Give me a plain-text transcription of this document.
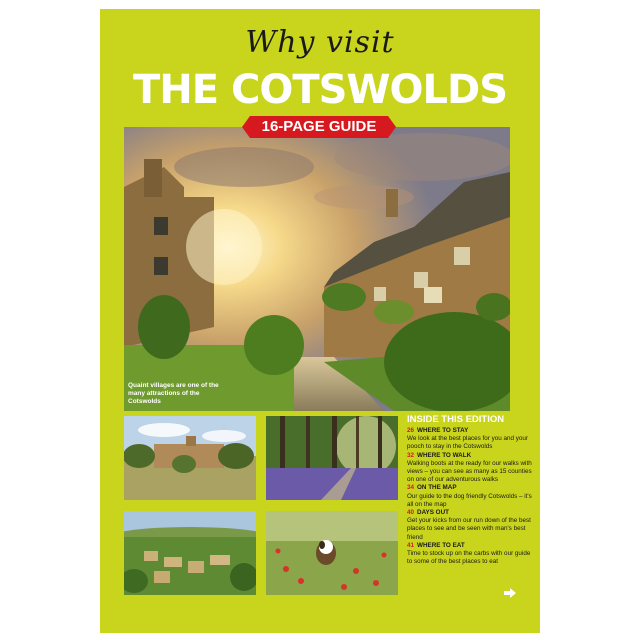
Why visit
THE COTSWOLDS
Quaint villages are one of the many attractions of the Cotswolds
16-PAGE GUIDE
INSIDE THIS EDITION
26 WHERE TO STAY
We look at the best places for you and your pooch to stay in the Cotswolds
32 WHERE TO WALK
Walking boots at the ready for our walks with views – you can see as many as 15 counties on one of our adventurous walks
34 ON THE MAP
Our guide to the dog friendly Cotswolds – it's all on the map
40 DAYS OUT
Get your kicks from our run down of the best places to see and be seen with man's best friend
41 WHERE TO EAT
Time to stock up on the carbs with our guide to some of the best places to eat
